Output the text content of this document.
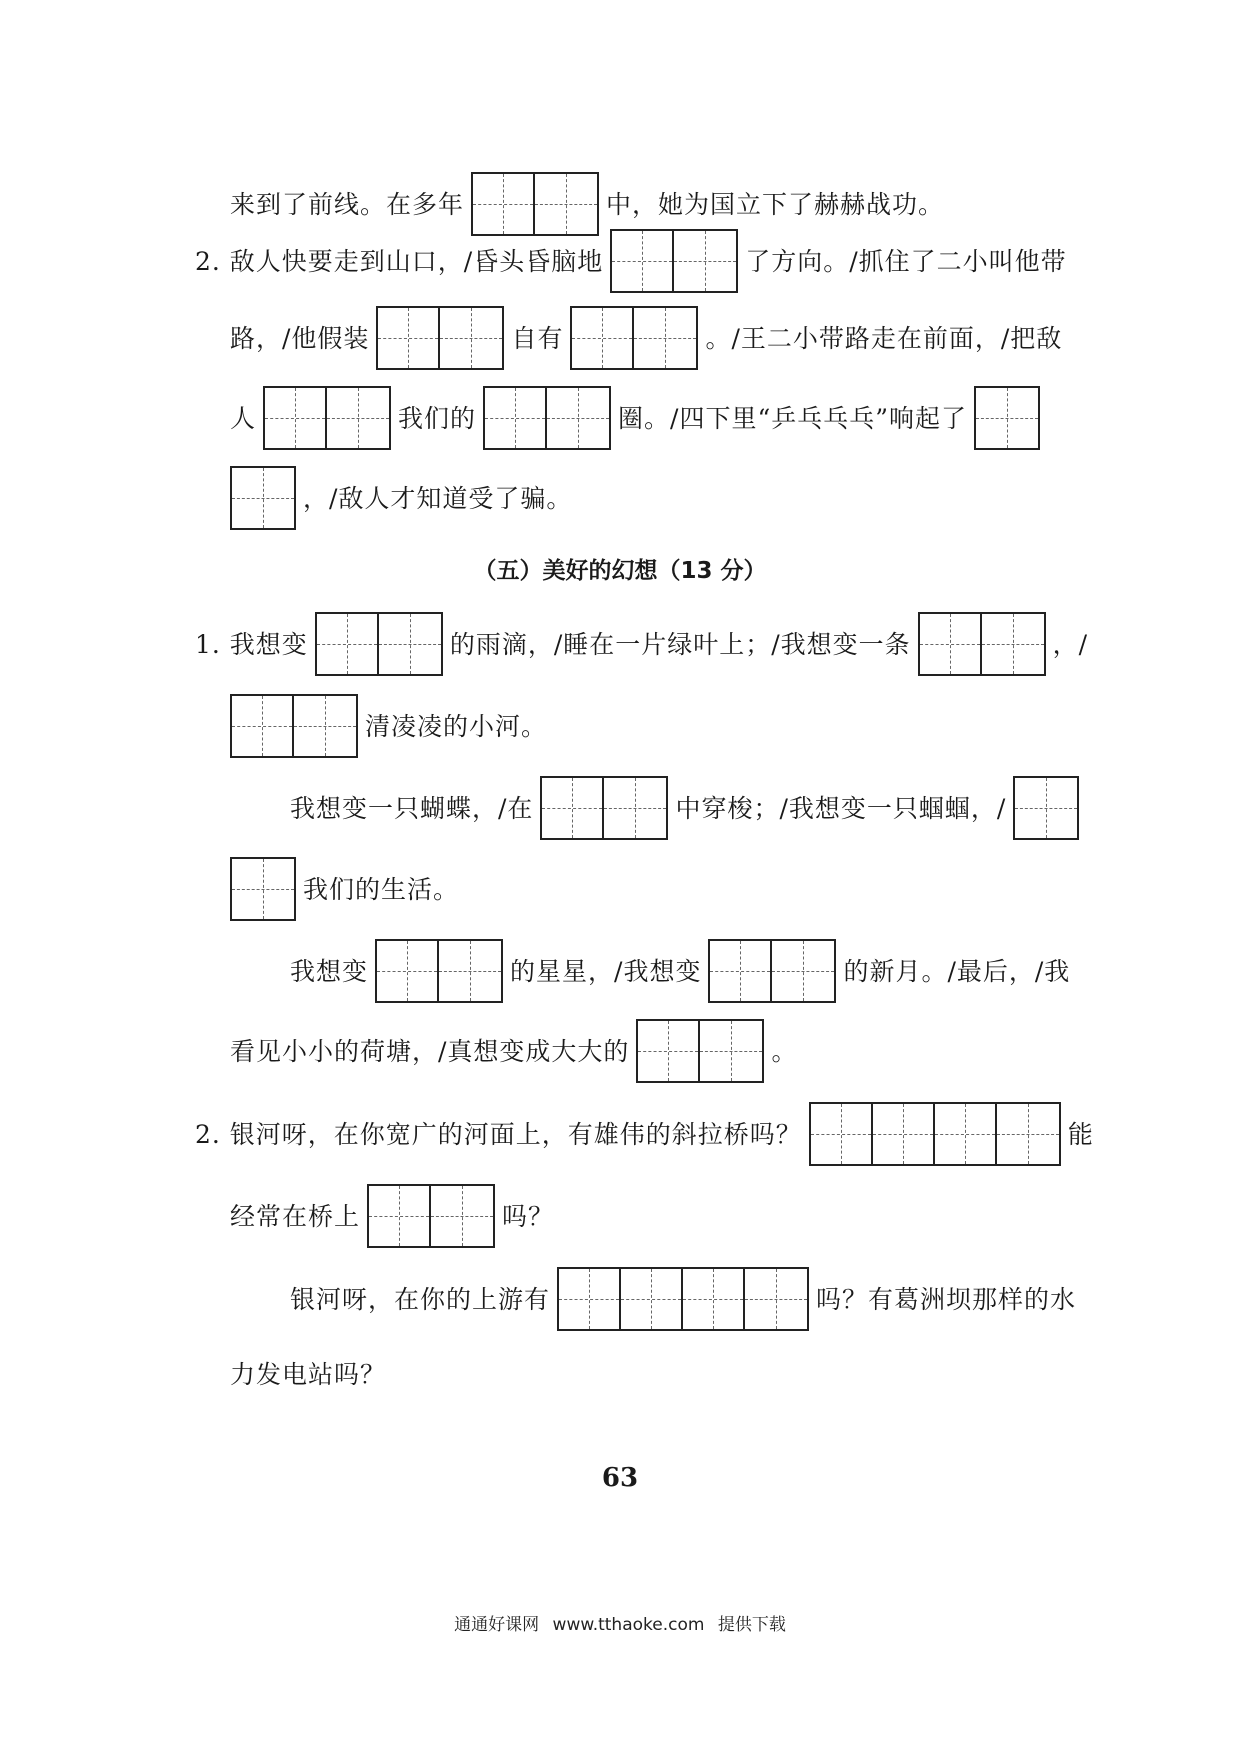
来到了前线。在多年	中，她为国立下了赫赫战功。
2. 敌人快要走到山口，/昏头昏脑地	了方向。/抓住了二小叫他带
路，/他假装	自有	。/王二小带路走在前面，/把敌
人	我们的	圈。/四下里“乒乓乓乓”响起了
，/敌人才知道受了骗。
（五）美好的幻想（13 分）
1. 我想变	的雨滴，/睡在一片绿叶上；/我想变一条	，/
清凌凌的小河。
我想变一只蝴蝶，/在	中穿梭；/我想变一只蝈蝈，/
我们的生活。
我想变	的星星，/我想变	的新月。/最后，/我
看见小小的荷塘，/真想变成大大的	。
2. 银河呀，在你宽广的河面上，有雄伟的斜拉桥吗？	能
经常在桥上	吗？
银河呀，在你的上游有	吗？有葛洲坝那样的水
力发电站吗？
63
通通好课网 www.tthaoke.com 提供下载
